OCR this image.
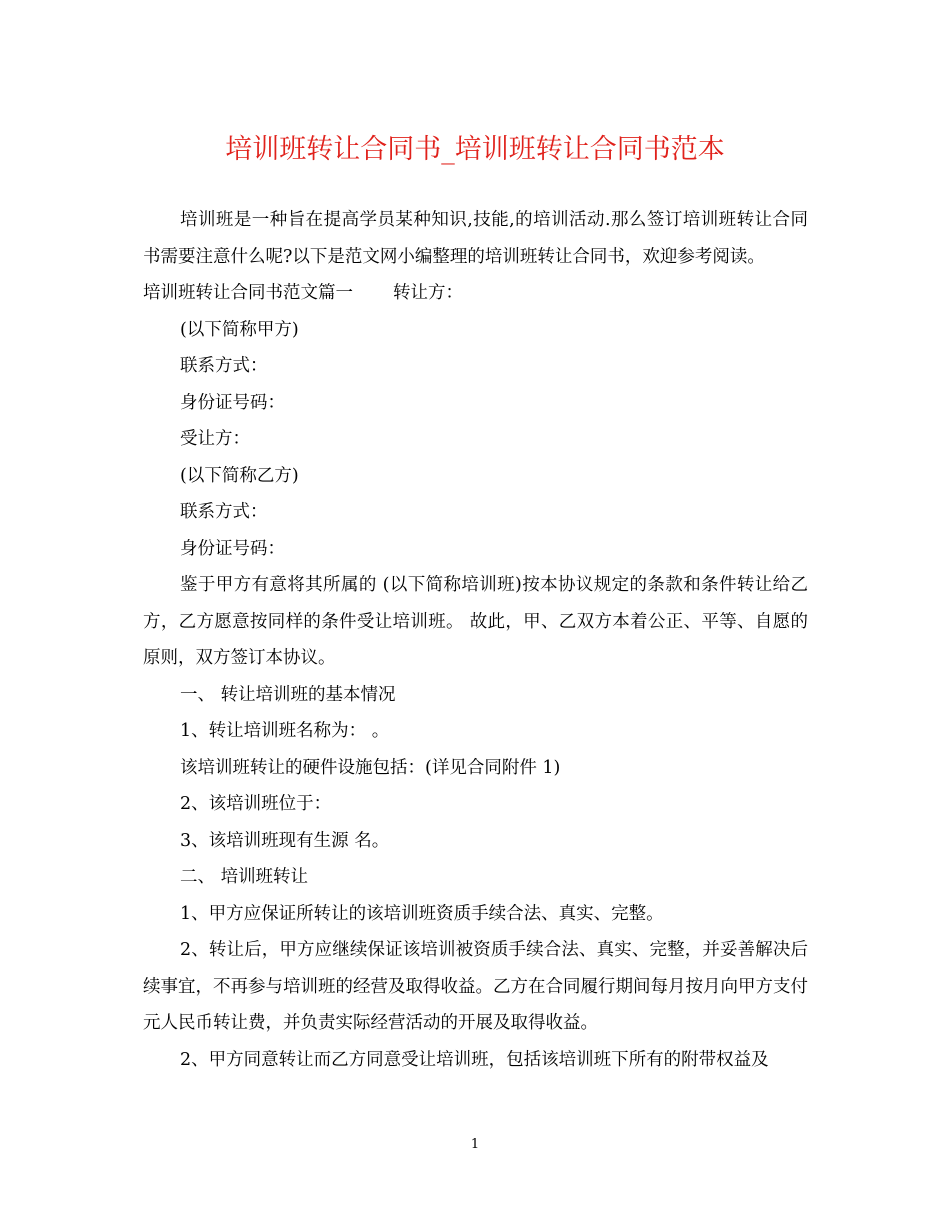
培训班转让合同书_培训班转让合同书范本

培训班是一种旨在提高学员某种知识,技能,的培训活动.那么签订培训班转让合同书需要注意什么呢?以下是范文网小编整理的培训班转让合同书，欢迎参考阅读。

培训班转让合同书范文篇一 转让方：

(以下简称甲方)

联系方式：

身份证号码：

受让方：

(以下简称乙方)

联系方式：

身份证号码：

鉴于甲方有意将其所属的 (以下简称培训班)按本协议规定的条款和条件转让给乙方，乙方愿意按同样的条件受让培训班。 故此，甲、乙双方本着公正、平等、自愿的原则，双方签订本协议。

一、 转让培训班的基本情况

1、转让培训班名称为： 。

该培训班转让的硬件设施包括：(详见合同附件 1)

2、该培训班位于：

3、该培训班现有生源 名。

二、 培训班转让

1、甲方应保证所转让的该培训班资质手续合法、真实、完整。

2、转让后，甲方应继续保证该培训被资质手续合法、真实、完整，并妥善解决后续事宜，不再参与培训班的经营及取得收益。乙方在合同履行期间每月按月向甲方支付 元人民币转让费，并负责实际经营活动的开展及取得收益。

2、甲方同意转让而乙方同意受让培训班，包括该培训班下所有的附带权益及

1
